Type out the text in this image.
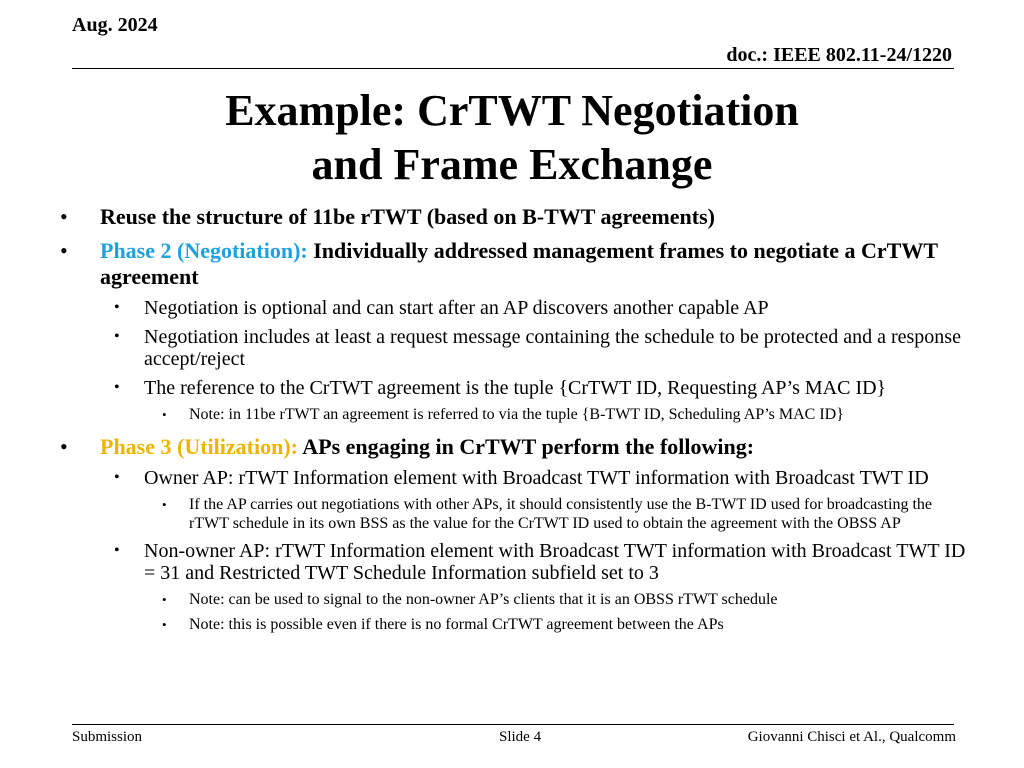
Aug. 2024
doc.: IEEE 802.11-24/1220
Example: CrTWT Negotiation
and Frame Exchange
• Reuse the structure of 11be rTWT (based on B-TWT agreements)
• Phase 2 (Negotiation): Individually addressed management frames to negotiate a CrTWT agreement
• Negotiation is optional and can start after an AP discovers another capable AP
• Negotiation includes at least a request message containing the schedule to be protected and a response accept/reject
• The reference to the CrTWT agreement is the tuple {CrTWT ID, Requesting AP’s MAC ID}
• Note: in 11be rTWT an agreement is referred to via the tuple {B-TWT ID, Scheduling AP’s MAC ID}
• Phase 3 (Utilization): APs engaging in CrTWT perform the following:
• Owner AP: rTWT Information element with Broadcast TWT information with Broadcast TWT ID
• If the AP carries out negotiations with other APs, it should consistently use the B-TWT ID used for broadcasting the rTWT schedule in its own BSS as the value for the CrTWT ID used to obtain the agreement with the OBSS AP
• Non-owner AP: rTWT Information element with Broadcast TWT information with Broadcast TWT ID = 31 and Restricted TWT Schedule Information subfield set to 3
• Note: can be used to signal to the non-owner AP’s clients that it is an OBSS rTWT schedule
• Note: this is possible even if there is no formal CrTWT agreement between the APs
Submission	Slide 4	Giovanni Chisci et Al., Qualcomm
